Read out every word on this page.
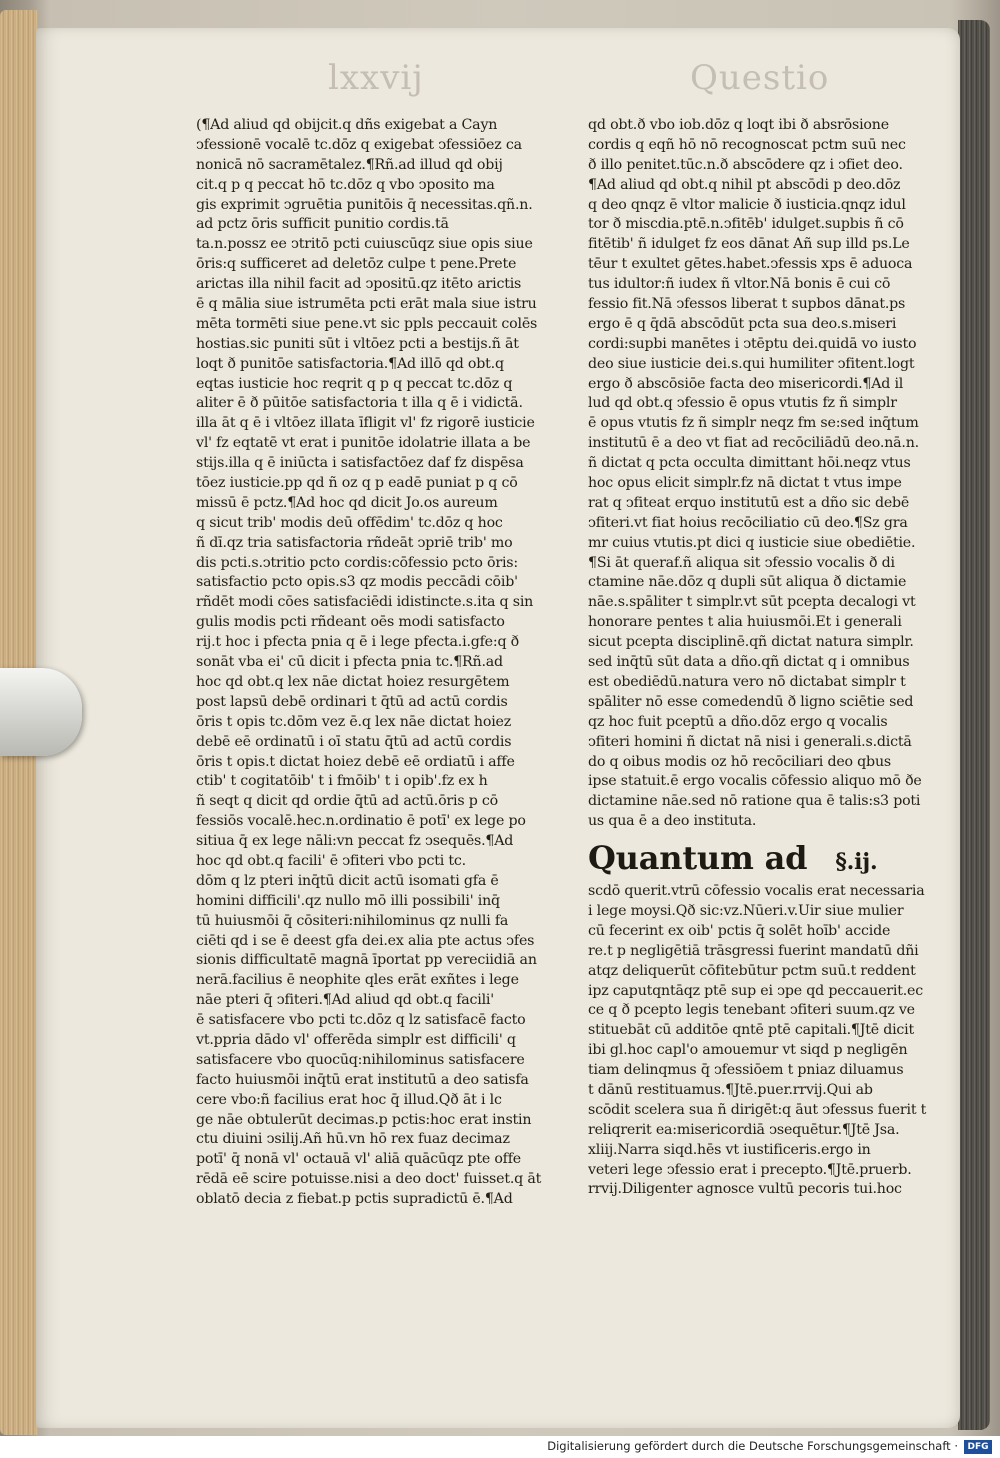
lxxvij	Questio
(¶Ad aliud qd obijcit.q dñs exigebat a Cayn
ↄfessionē vocalē tc.dōz q exigebat ↄfessiōez ca
nonicā nō sacramētalez.¶Rñ.ad illud qd obij
cit.q p q peccat hō tc.dōz q vbo ↄposito ma
gis exprimit ↄgruētia punitōis q̄ necessitas.qñ.n.
ad pctz ōris sufficit punitio cordis.tā
ta.n.possz ee ↄtritō pcti cuiuscūqz siue opis siue
ōris:q sufficeret ad deletōz culpe t pene.Prete
arictas illa nihil facit ad ↄpositū.qz itēto arictis
ē q mālia siue istrumēta pcti erāt mala siue istru
mēta tormēti siue pene.vt sic ppls peccauit colēs
hostias.sic puniti sūt i vltōez pcti a bestijs.ñ āt
loqt ð punitōe satisfactoria.¶Ad illō qd obt.q
eqtas iusticie hoc reqrit q p q peccat tc.dōz q
aliter ē ð pūitōe satisfactoria t illa q ē i vidictā.
illa āt q ē i vltōez illata īfligit vl' fz rigorē iusticie
vl' fz eqtatē vt erat i punitōe idolatrie illata a be
stijs.illa q ē iniūcta i satisfactōez daf fz dispēsa
tōez iusticie.pp qd ñ oz q p eadē puniat p q cō
missū ē pctz.¶Ad hoc qd dicit Jo.os aureum
q sicut trib' modis deū offēdim' tc.dōz q hoc
ñ dī.qz tria satisfactoria rñdeāt ↄpriē trib' mo
dis pcti.s.ↄtritio pcto cordis:cōfessio pcto ōris:
satisfactio pcto opis.s3 qz modis peccādi cōib'
rñdēt modi cōes satisfaciēdi idistincte.s.ita q sin
gulis modis pcti rñdeant oēs modi satisfacto
rij.t hoc i pfecta pnia q ē i lege pfecta.i.gfe:q ð
sonāt vba ei' cū dicit i pfecta pnia tc.¶Rñ.ad
hoc qd obt.q lex nāe dictat hoiez resurgētem
post lapsū debē ordinari t q̄tū ad actū cordis
ōris t opis tc.dōm vez ē.q lex nāe dictat hoiez
debē eē ordinatū i oī statu q̄tū ad actū cordis
ōris t opis.t dictat hoiez debē eē ordiatū i affe
ctib' t cogitatōib' t i fmōib' t i opib'.fz ex h
ñ seqt q dicit qd ordie q̄tū ad actū.ōris p cō
fessiōs vocalē.hec.n.ordinatio ē potī' ex lege po
sitiua q̄ ex lege nāli:vn peccat fz ↄsequēs.¶Ad
hoc qd obt.q facili' ē ↄfiteri vbo pcti tc.
dōm q lz pteri inq̄tū dicit actū isomati gfa ē
homini difficili'.qz nullo mō illi possibili' inq̄
tū huiusmōi q̄ cōsiteri:nihilominus qz nulli fa
ciēti qd i se ē deest gfa dei.ex alia pte actus ↄfes
sionis difficultatē magnā īportat pp vereciidiā an
nerā.facilius ē neophite qles erāt exñtes i lege
nāe pteri q̄ ↄfiteri.¶Ad aliud qd obt.q facili'
ē satisfacere vbo pcti tc.dōz q lz satisfacē facto
vt.ppria dādo vl' offerēda simplr est difficili' q
satisfacere vbo quocūq:nihilominus satisfacere
facto huiusmōi inq̄tū erat institutū a deo satisfa
cere vbo:ñ facilius erat hoc q̄ illud.Qð āt i lc
ge nāe obtulerūt decimas.p pctis:hoc erat instin
ctu diuini ↄsilij.Añ hū.vn hō rex fuaz decimaz
potī' q̄ nonā vl' octauā vl' aliā quācūqz pte offe
rēdā eē scire potuisse.nisi a deo doct' fuisset.q āt
oblatō decia z fiebat.p pctis supradictū ē.¶Ad
qd obt.ð vbo iob.dōz q loqt ibi ð absrōsione
cordis q eqñ hō nō recognoscat pctm suū nec
ð illo penitet.tūc.n.ð abscōdere qz i ↄfiet deo.
¶Ad aliud qd obt.q nihil pt abscōdi p deo.dōz
q deo qnqz ē vltor malicie ð iusticia.qnqz idul
tor ð miscdia.ptē.n.ↄfitēb' idulget.supbis ñ cō
fitētib' ñ idulget fz eos dānat Añ sup illd ps.Le
tēur t exultet gētes.habet.ↄfessis xps ē aduoca
tus idultor:ñ iudex ñ vltor.Nā bonis ē cui cō
fessio fit.Nā ↄfessos liberat t supbos dānat.ps
ergo ē q q̄dā abscōdūt pcta sua deo.s.miseri
cordi:supbi manētes i ↄtēptu dei.quidā vo iusto
deo siue iusticie dei.s.qui humiliter ↄfitent.logt
ergo ð abscōsiōe facta deo misericordi.¶Ad il
lud qd obt.q ↄfessio ē opus vtutis fz ñ simplr
ē opus vtutis fz ñ simplr neqz fm se:sed inq̄tum
institutū ē a deo vt fiat ad recōciliādū deo.nā.n.
ñ dictat q pcta occulta dimittant hōi.neqz vtus
hoc opus elicit simplr.fz nā dictat t vtus impe
rat q ↄfiteat erquo institutū est a dño sic debē
ↄfiteri.vt fiat hoius recōciliatio cū deo.¶Sz gra
mr cuius vtutis.pt dici q iusticie siue obediētie.
¶Si āt queraf.ñ aliqua sit ↄfessio vocalis ð di
ctamine nāe.dōz q dupli sūt aliqua ð dictamie
nāe.s.spāliter t simplr.vt sūt pcepta decalogi vt
honorare pentes t alia huiusmōi.Et i generali
sicut pcepta disciplinē.qñ dictat natura simplr.
sed inq̄tū sūt data a dño.qñ dictat q i omnibus
est obediēdū.natura vero nō dictabat simplr t
spāliter nō esse comedendū ð ligno sciētie sed
qz hoc fuit pceptū a dño.dōz ergo q vocalis
ↄfiteri homini ñ dictat nā nisi i generali.s.dictā
do q oibus modis oz hō recōciliari deo qbus
ipse statuit.ē ergo vocalis cōfessio aliquo mō ðe
dictamine nāe.sed nō ratione qua ē talis:s3 poti
us qua ē a deo instituta.
Quantum ad §.ij.
scdō querit.vtrū cōfessio vocalis erat necessaria
i lege moysi.Qð sic:vz.Nūeri.v.Uir siue mulier
cū fecerint ex oib' pctis q̄ solēt hoīb' accide
re.t p negligētiā trāsgressi fuerint mandatū dñi
atqz deliquerūt cōfitebūtur pctm suū.t reddent
ipz caputqntāqz ptē sup ei ↄpe qd peccauerit.ec
ce q ð pcepto legis tenebant ↄfiteri suum.qz ve
stituebāt cū additōe qntē ptē capitali.¶Jtē dicit
ibi gl.hoc capl'o amouemur vt siqd p negligēn
tiam delinqmus q̄ ↄfessiōem t pniaz diluamus
t dānū restituamus.¶Jtē.puer.rrvij.Qui ab
scōdit scelera sua ñ dirigēt:q āut ↄfessus fuerit t
reliqrerit ea:misericordiā ↄsequētur.¶Jtē Jsa.
xliij.Narra siqd.hēs vt iustificeris.ergo in
veteri lege ↄfessio erat i precepto.¶Jtē.pruerb.
rrvij.Diligenter agnosce vultū pecoris tui.hoc
Digitalisierung gefördert durch die Deutsche Forschungsgemeinschaft ·	DFG
